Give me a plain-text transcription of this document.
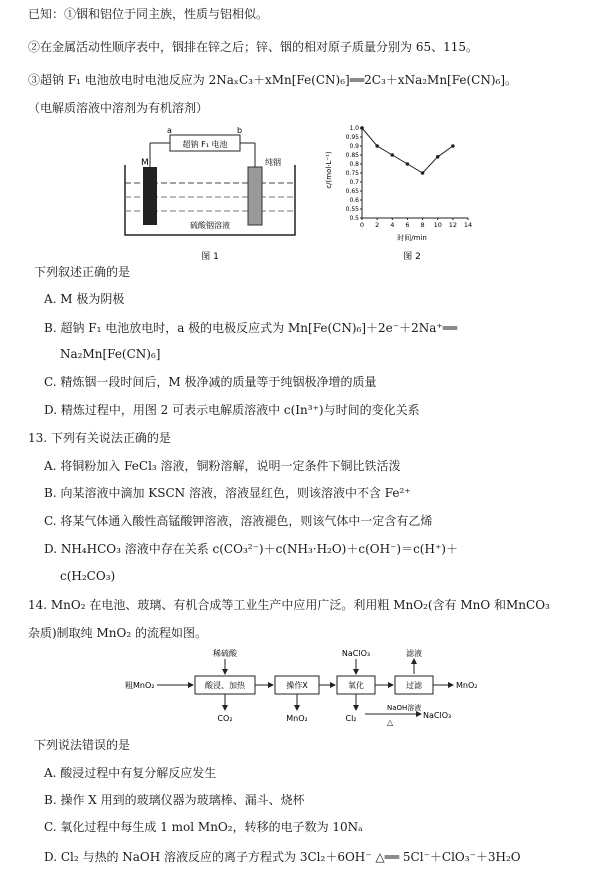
已知：①铟和铝位于同主族，性质与铝相似。
②在金属活动性顺序表中，铟排在锌之后；锌、铟的相对原子质量分别为 65、115。
③超钠 F₁ 电池放电时电池反应为 2NaₓC₃＋xMn[Fe(CN)₆]══2C₃＋xNa₂Mn[Fe(CN)₆]。
（电解质溶液中溶剂为有机溶剂）
超钠 F₁ 电池
a	b
M	纯铟
硫酸铟溶液
图 1
1.0
0.95
0.9
0.85
0.8
0.75
0.7
0.65
0.6
0.55
0.5
0 2 4 6 8 10 12 14
c/(mol·L⁻¹)
时间/min
图 2
下列叙述正确的是
A. M 极为阴极
B. 超钠 F₁ 电池放电时，a 极的电极反应式为 Mn[Fe(CN)₆]＋2e⁻＋2Na⁺══
Na₂Mn[Fe(CN)₆]
C. 精炼铟一段时间后，M 极净减的质量等于纯铟极净增的质量
D. 精炼过程中，用图 2 可表示电解质溶液中 c(In³⁺)与时间的变化关系
13. 下列有关说法正确的是
A. 将铜粉加入 FeCl₃ 溶液，铜粉溶解，说明一定条件下铜比铁活泼
B. 向某溶液中滴加 KSCN 溶液，溶液显红色，则该溶液中不含 Fe²⁺
C. 将某气体通入酸性高锰酸钾溶液，溶液褪色，则该气体中一定含有乙烯
D. NH₄HCO₃ 溶液中存在关系 c(CO₃²⁻)＋c(NH₃·H₂O)＋c(OH⁻)＝c(H⁺)＋
c(H₂CO₃)
14. MnO₂ 在电池、玻璃、有机合成等工业生产中应用广泛。利用粗 MnO₂(含有 MnO 和MnCO₃
杂质)制取纯 MnO₂ 的流程如图。
粗MnO₂	酸浸、加热
稀硫酸
CO₂
操作X
MnO₂
氧化
NaClO₃
Cl₂
NaOH溶液
△
NaClO₃
过滤
滤液
MnO₂
下列说法错误的是
A. 酸浸过程中有复分解反应发生
B. 操作 X 用到的玻璃仪器为玻璃棒、漏斗、烧杯
C. 氧化过程中每生成 1 mol MnO₂，转移的电子数为 10Nₐ
D. Cl₂ 与热的 NaOH 溶液反应的离子方程式为 3Cl₂＋6OH⁻ △══ 5Cl⁻＋ClO₃⁻＋3H₂O
